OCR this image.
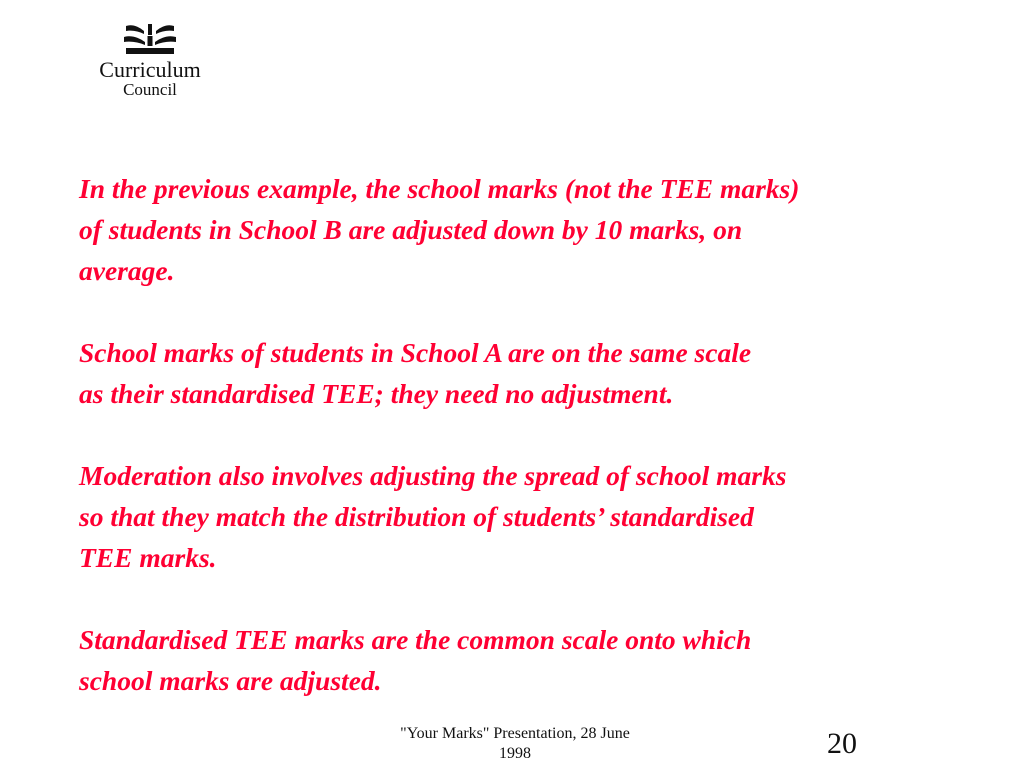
Curriculum
Council
In the previous example, the school marks (not the TEE marks)
of students in School B are adjusted down by 10 marks, on
average.
School marks of students in School A are on the same scale
as their standardised TEE; they need no adjustment.
Moderation also involves adjusting the spread of school marks
so that they match the distribution of students’ standardised
TEE marks.
Standardised TEE marks are the common scale onto which
school marks are adjusted.
"Your Marks" Presentation, 28 June
1998	20
